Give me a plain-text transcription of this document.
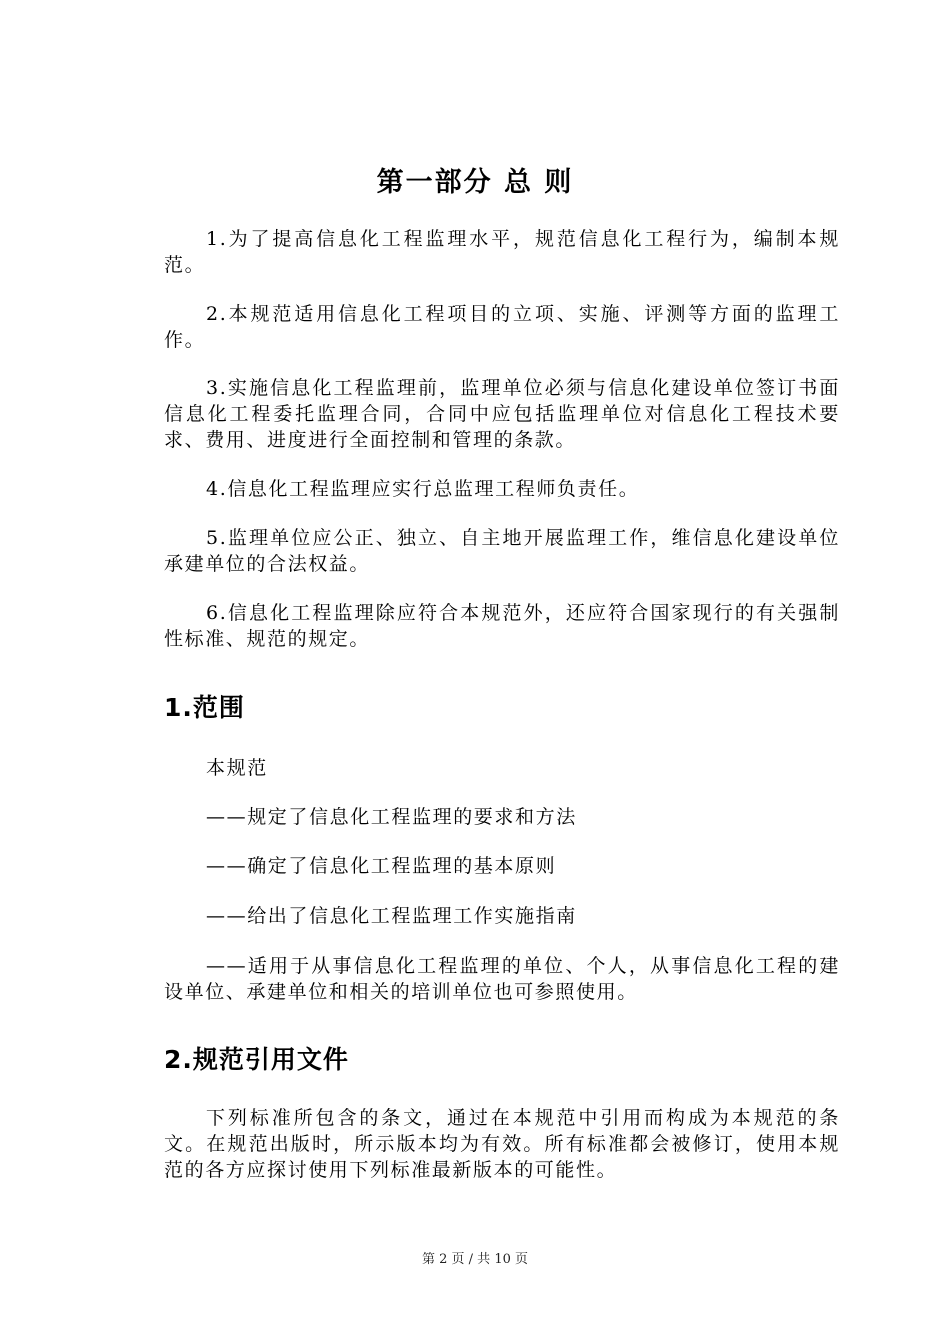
第一部分 总 则
1.为了提高信息化工程监理水平，规范信息化工程行为，编制本规范。
2.本规范适用信息化工程项目的立项、实施、评测等方面的监理工作。
3.实施信息化工程监理前，监理单位必须与信息化建设单位签订书面信息化工程委托监理合同，合同中应包括监理单位对信息化工程技术要求、费用、进度进行全面控制和管理的条款。
4.信息化工程监理应实行总监理工程师负责任。
5.监理单位应公正、独立、自主地开展监理工作，维信息化建设单位承建单位的合法权益。
6.信息化工程监理除应符合本规范外，还应符合国家现行的有关强制性标准、规范的规定。
1.范围
本规范
——规定了信息化工程监理的要求和方法
——确定了信息化工程监理的基本原则
——给出了信息化工程监理工作实施指南
——适用于从事信息化工程监理的单位、个人，从事信息化工程的建设单位、承建单位和相关的培训单位也可参照使用。
2.规范引用文件
下列标准所包含的条文，通过在本规范中引用而构成为本规范的条文。在规范出版时，所示版本均为有效。所有标准都会被修订，使用本规范的各方应探讨使用下列标准最新版本的可能性。
第 2 页 / 共 10 页
